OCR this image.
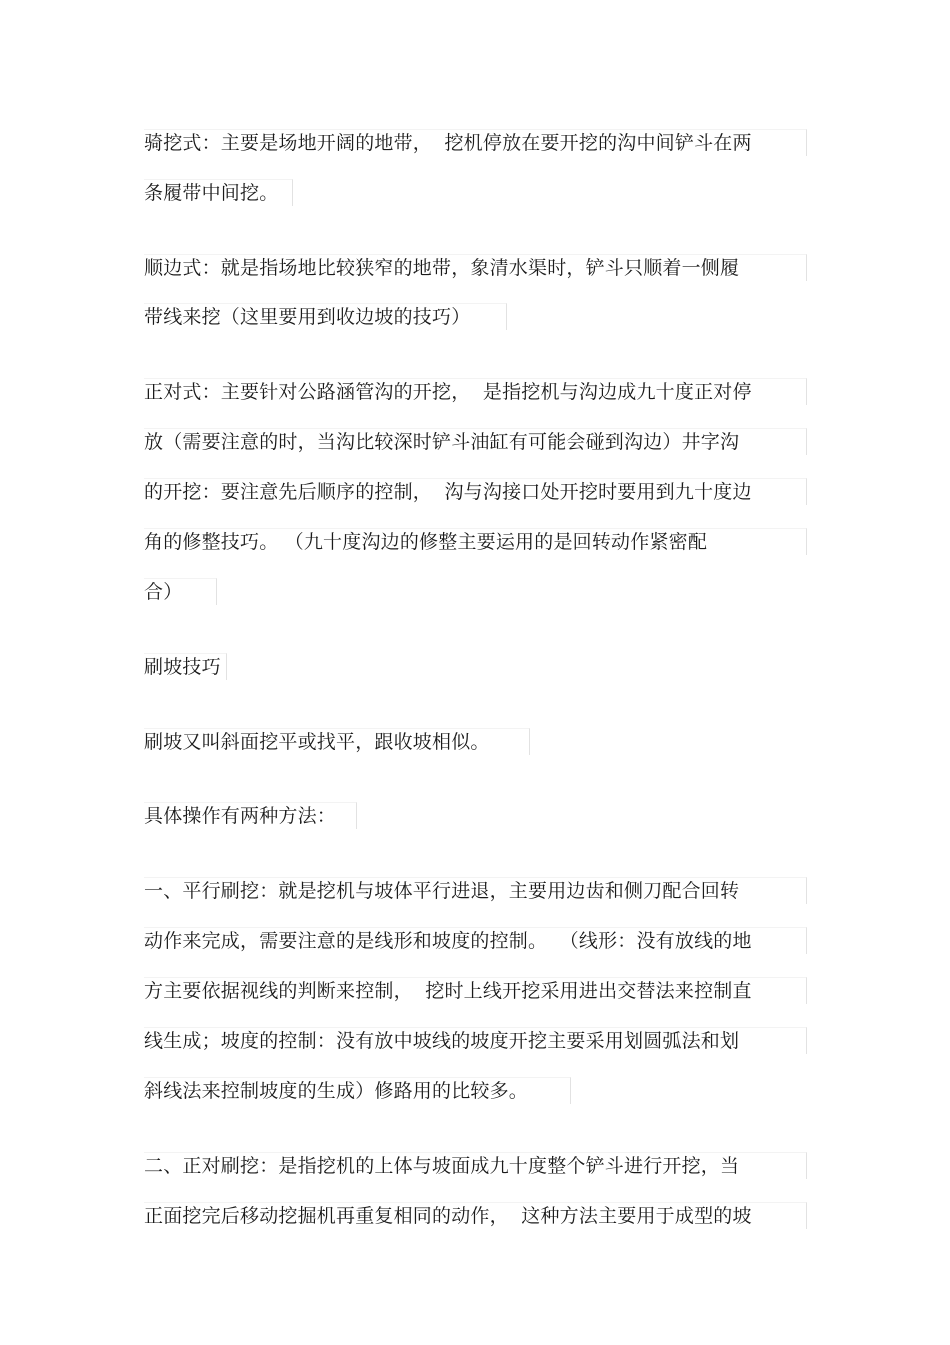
骑挖式：主要是场地开阔的地带，  挖机停放在要开挖的沟中间铲斗在两
条履带中间挖。
顺边式：就是指场地比较狭窄的地带，象清水渠时，铲斗只顺着一侧履
带线来挖（这里要用到收边坡的技巧）
正对式：主要针对公路涵管沟的开挖，  是指挖机与沟边成九十度正对停
放（需要注意的时，当沟比较深时铲斗油缸有可能会碰到沟边）井字沟
的开挖：要注意先后顺序的控制，  沟与沟接口处开挖时要用到九十度边
角的修整技巧。 （九十度沟边的修整主要运用的是回转动作紧密配
合）
刷坡技巧
刷坡又叫斜面挖平或找平，跟收坡相似。
具体操作有两种方法：
一、平行刷挖：就是挖机与坡体平行进退，主要用边齿和侧刀配合回转
动作来完成，需要注意的是线形和坡度的控制。  （线形：没有放线的地
方主要依据视线的判断来控制，  挖时上线开挖采用进出交替法来控制直
线生成；坡度的控制：没有放中坡线的坡度开挖主要采用划圆弧法和划
斜线法来控制坡度的生成）修路用的比较多。
二、正对刷挖：是指挖机的上体与坡面成九十度整个铲斗进行开挖，当
正面挖完后移动挖掘机再重复相同的动作，  这种方法主要用于成型的坡
